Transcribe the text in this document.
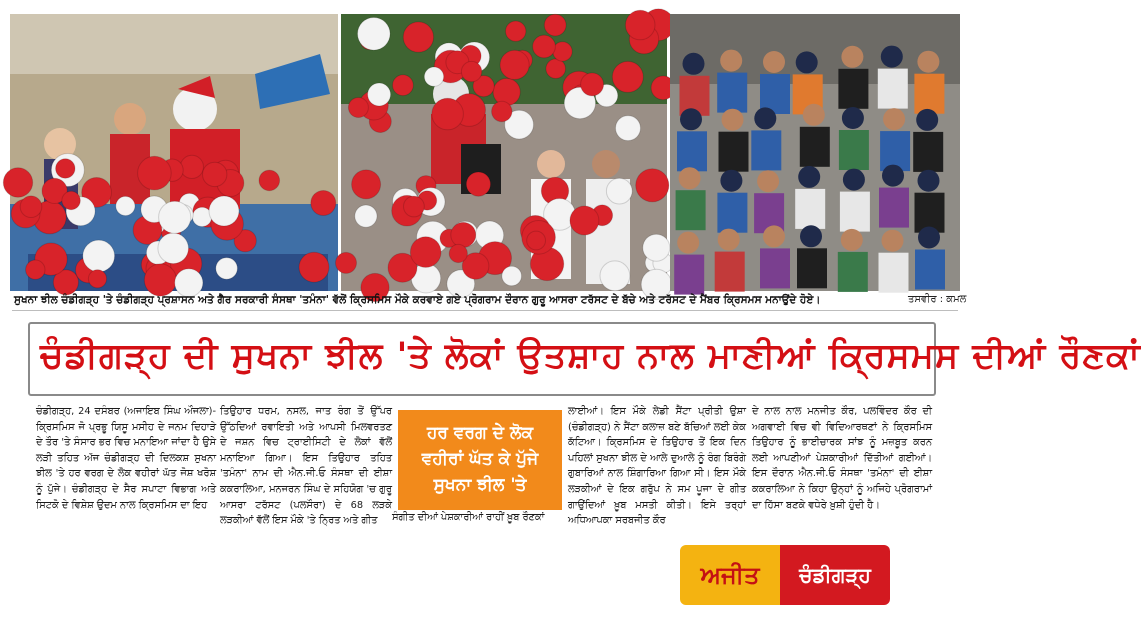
ਸੁਖਨਾ ਝੀਲ ਚੰਡੀਗੜ੍ਹ 'ਤੇ ਚੰਡੀਗੜ੍ਹ ਪ੍ਰਸ਼ਾਸਨ ਅਤੇ ਗੈਰ ਸਰਕਾਰੀ ਸੰਸਥਾ 'ਤਮੰਨਾ' ਵੱਲੋਂ ਕ੍ਰਿਸਮਿਸ ਮੌਕੇ ਕਰਵਾਏ ਗਏ ਪ੍ਰੋਗਰਾਮ ਦੌਰਾਨ ਗੁਰੂ ਆਸਰਾ ਟਰੱਸਟ ਦੇ ਬੱਚੇ ਅਤੇ ਟਰੱਸਟ ਦੇ ਮੈਂਬਰ ਕ੍ਰਿਸਮਸ ਮਨਾਉਂਦੇ ਹੋਏ।	ਤਸਵੀਰ : ਕਮਲ
ਚੰਡੀਗੜ੍ਹ ਦੀ ਸੁਖਨਾ ਝੀਲ 'ਤੇ ਲੋਕਾਂ ਉਤਸ਼ਾਹ ਨਾਲ ਮਾਣੀਆਂ ਕ੍ਰਿਸਮਸ ਦੀਆਂ ਰੌਣਕਾਂ
ਚੰਡੀਗੜ੍ਹ, 24 ਦਸੰਬਰ (ਅਜਾਇਬ ਸਿੰਘ ਔਜਲਾ)- ਕ੍ਰਿਸਮਿਸ ਜੋ ਪ੍ਰਭੂ ਯਿਸੂ ਮਸੀਹ ਦੇ ਜਨਮ ਦਿਹਾੜੇ ਦੇ ਤੌਰ 'ਤੇ ਸੰਸਾਰ ਭਰ ਵਿਚ ਮਨਾਇਆ ਜਾਂਦਾ ਹੈ ਉਸੇ ਲੜੀ ਤਹਿਤ ਅੱਜ ਚੰਡੀਗੜ੍ਹ ਦੀ ਦਿਲਕਸ਼ ਸੁਖਨਾ ਝੀਲ 'ਤੇ ਹਰ ਵਰਗ ਦੇ ਲੋਕ ਵਹੀਰਾਂ ਘੱਤ ਜੋਸ਼ ਖਰੋਸ਼ ਨੂੰ ਪੁੱਜੇ। ਚੰਡੀਗੜ੍ਹ ਦੇ ਸੈਰ ਸਪਾਟਾ ਵਿਭਾਗ ਅਤੇ ਸਿਟਕੋ ਦੇ ਵਿਸ਼ੇਸ਼ ਉਦਮ ਨਾਲ ਕ੍ਰਿਸਮਿਸ ਦਾ ਇਹ
ਤਿਉਹਾਰ ਧਰਮ, ਨਸਲ, ਜਾਤ ਰੰਗ ਤੋਂ ਉੱਪਰ ਉੱਠਦਿਆਂ ਰਵਾਇਤੀ ਅਤੇ ਆਪਸੀ ਮਿਲਵਰਤਣ ਦੇ ਜਸ਼ਨ ਵਿਚ ਟ੍ਰਾਈਸਿਟੀ ਦੇ ਲੋਕਾਂ ਵੱਲੋਂ ਮਨਾਇਆ ਗਿਆ। ਇਸ ਤਿਉਹਾਰ ਤਹਿਤ 'ਤਮੰਨਾ' ਨਾਮ ਦੀ ਐਨ.ਜੀ.ਓ ਸੰਸਥਾ ਦੀ ਈਸ਼ਾ ਕਕਰਾਲਿਆ, ਮਨਜਰਨ ਸਿੰਘ ਦੇ ਸਹਿਯੋਗ 'ਚ ਗੁਰੂ ਆਸਰਾ ਟਰੱਸਟ (ਪਲਸੌਰਾ) ਦੇ 68 ਲੜਕੇ ਲੜਕੀਆਂ ਵੱਲੋਂ ਇਸ ਮੌਕੇ 'ਤੇ ਨ੍ਰਿਤ ਅਤੇ ਗੀਤ
ਹਰ ਵਰਗ ਦੇ ਲੋਕ
ਵਹੀਰਾਂ ਘੱਤ ਕੇ ਪੁੱਜੇ
ਸੁਖਨਾ ਝੀਲ 'ਤੇ
ਸੰਗੀਤ ਦੀਆਂ ਪੇਸ਼ਕਾਰੀਆਂ ਰਾਹੀਂ ਖ਼ੂਬ ਰੌਣਕਾਂ
ਲਾਈਆਂ। ਇਸ ਮੌਕੇ ਲੇਡੀ ਸੈਂਟਾ ਪ੍ਰੀਤੀ ਉਸ਼ਾ (ਚੰਡੀਗੜ੍ਹ) ਨੇ ਸੈਂਟਾ ਕਲਾਜ਼ ਬਣੇ ਬੱਚਿਆਂ ਲਈ ਕੇਕ ਕੱਟਿਆ। ਕ੍ਰਿਸਮਿਸ ਦੇ ਤਿਉਹਾਰ ਤੋਂ ਇਕ ਦਿਨ ਪਹਿਲਾਂ ਸੁਖਨਾ ਝੀਲ ਦੇ ਆਲੇ ਦੁਆਲੇ ਨੂੰ ਰੰਗ ਬਿਰੰਗੇ ਗੁਬਾਰਿਆਂ ਨਾਲ ਸ਼ਿੰਗਾਰਿਆ ਗਿਆ ਸੀ। ਇਸ ਮੌਕੇ ਲੜਕੀਆਂ ਦੇ ਇਕ ਗਰੁੱਪ ਨੇ ਸਮ ਪੂਜਾ ਦੇ ਗੀਤ ਗਾਉਂਦਿਆਂ ਖ਼ੂਬ ਮਸਤੀ ਕੀਤੀ। ਇਸੇ ਤਰ੍ਹਾਂ ਅਧਿਆਪਕਾ ਸਰਬਜੀਤ ਕੌਰ
ਦੇ ਨਾਲ ਨਾਲ ਮਨਜੀਤ ਕੌਰ, ਪਲਵਿੰਦਰ ਕੌਰ ਦੀ ਅਗਵਾਈ ਵਿਚ ਵੀ ਵਿਦਿਆਰਥਣਾਂ ਨੇ ਕ੍ਰਿਸਮਿਸ ਤਿਉਹਾਰ ਨੂੰ ਭਾਈਚਾਰਕ ਸਾਂਝ ਨੂੰ ਮਜ਼ਬੂਤ ਕਰਨ ਲਈ ਆਪਣੀਆਂ ਪੇਸ਼ਕਾਰੀਆਂ ਦਿੱਤੀਆਂ ਗਈਆਂ। ਇਸ ਦੌਰਾਨ ਐਨ.ਜੀ.ਓ ਸੰਸਥਾ 'ਤਮੰਨਾ' ਦੀ ਈਸ਼ਾ ਕਕਰਾਲਿਆ ਨੇ ਕਿਹਾ ਉਨ੍ਹਾਂ ਨੂੰ ਅਜਿਹੇ ਪ੍ਰੋਗਰਾਮਾਂ ਦਾ ਹਿੱਸਾ ਬਣਕੇ ਵਧੇਰੇ ਖ਼ੁਸ਼ੀ ਹੁੰਦੀ ਹੈ।
ਅਜੀਤ	ਚੰਡੀਗੜ੍ਹ
